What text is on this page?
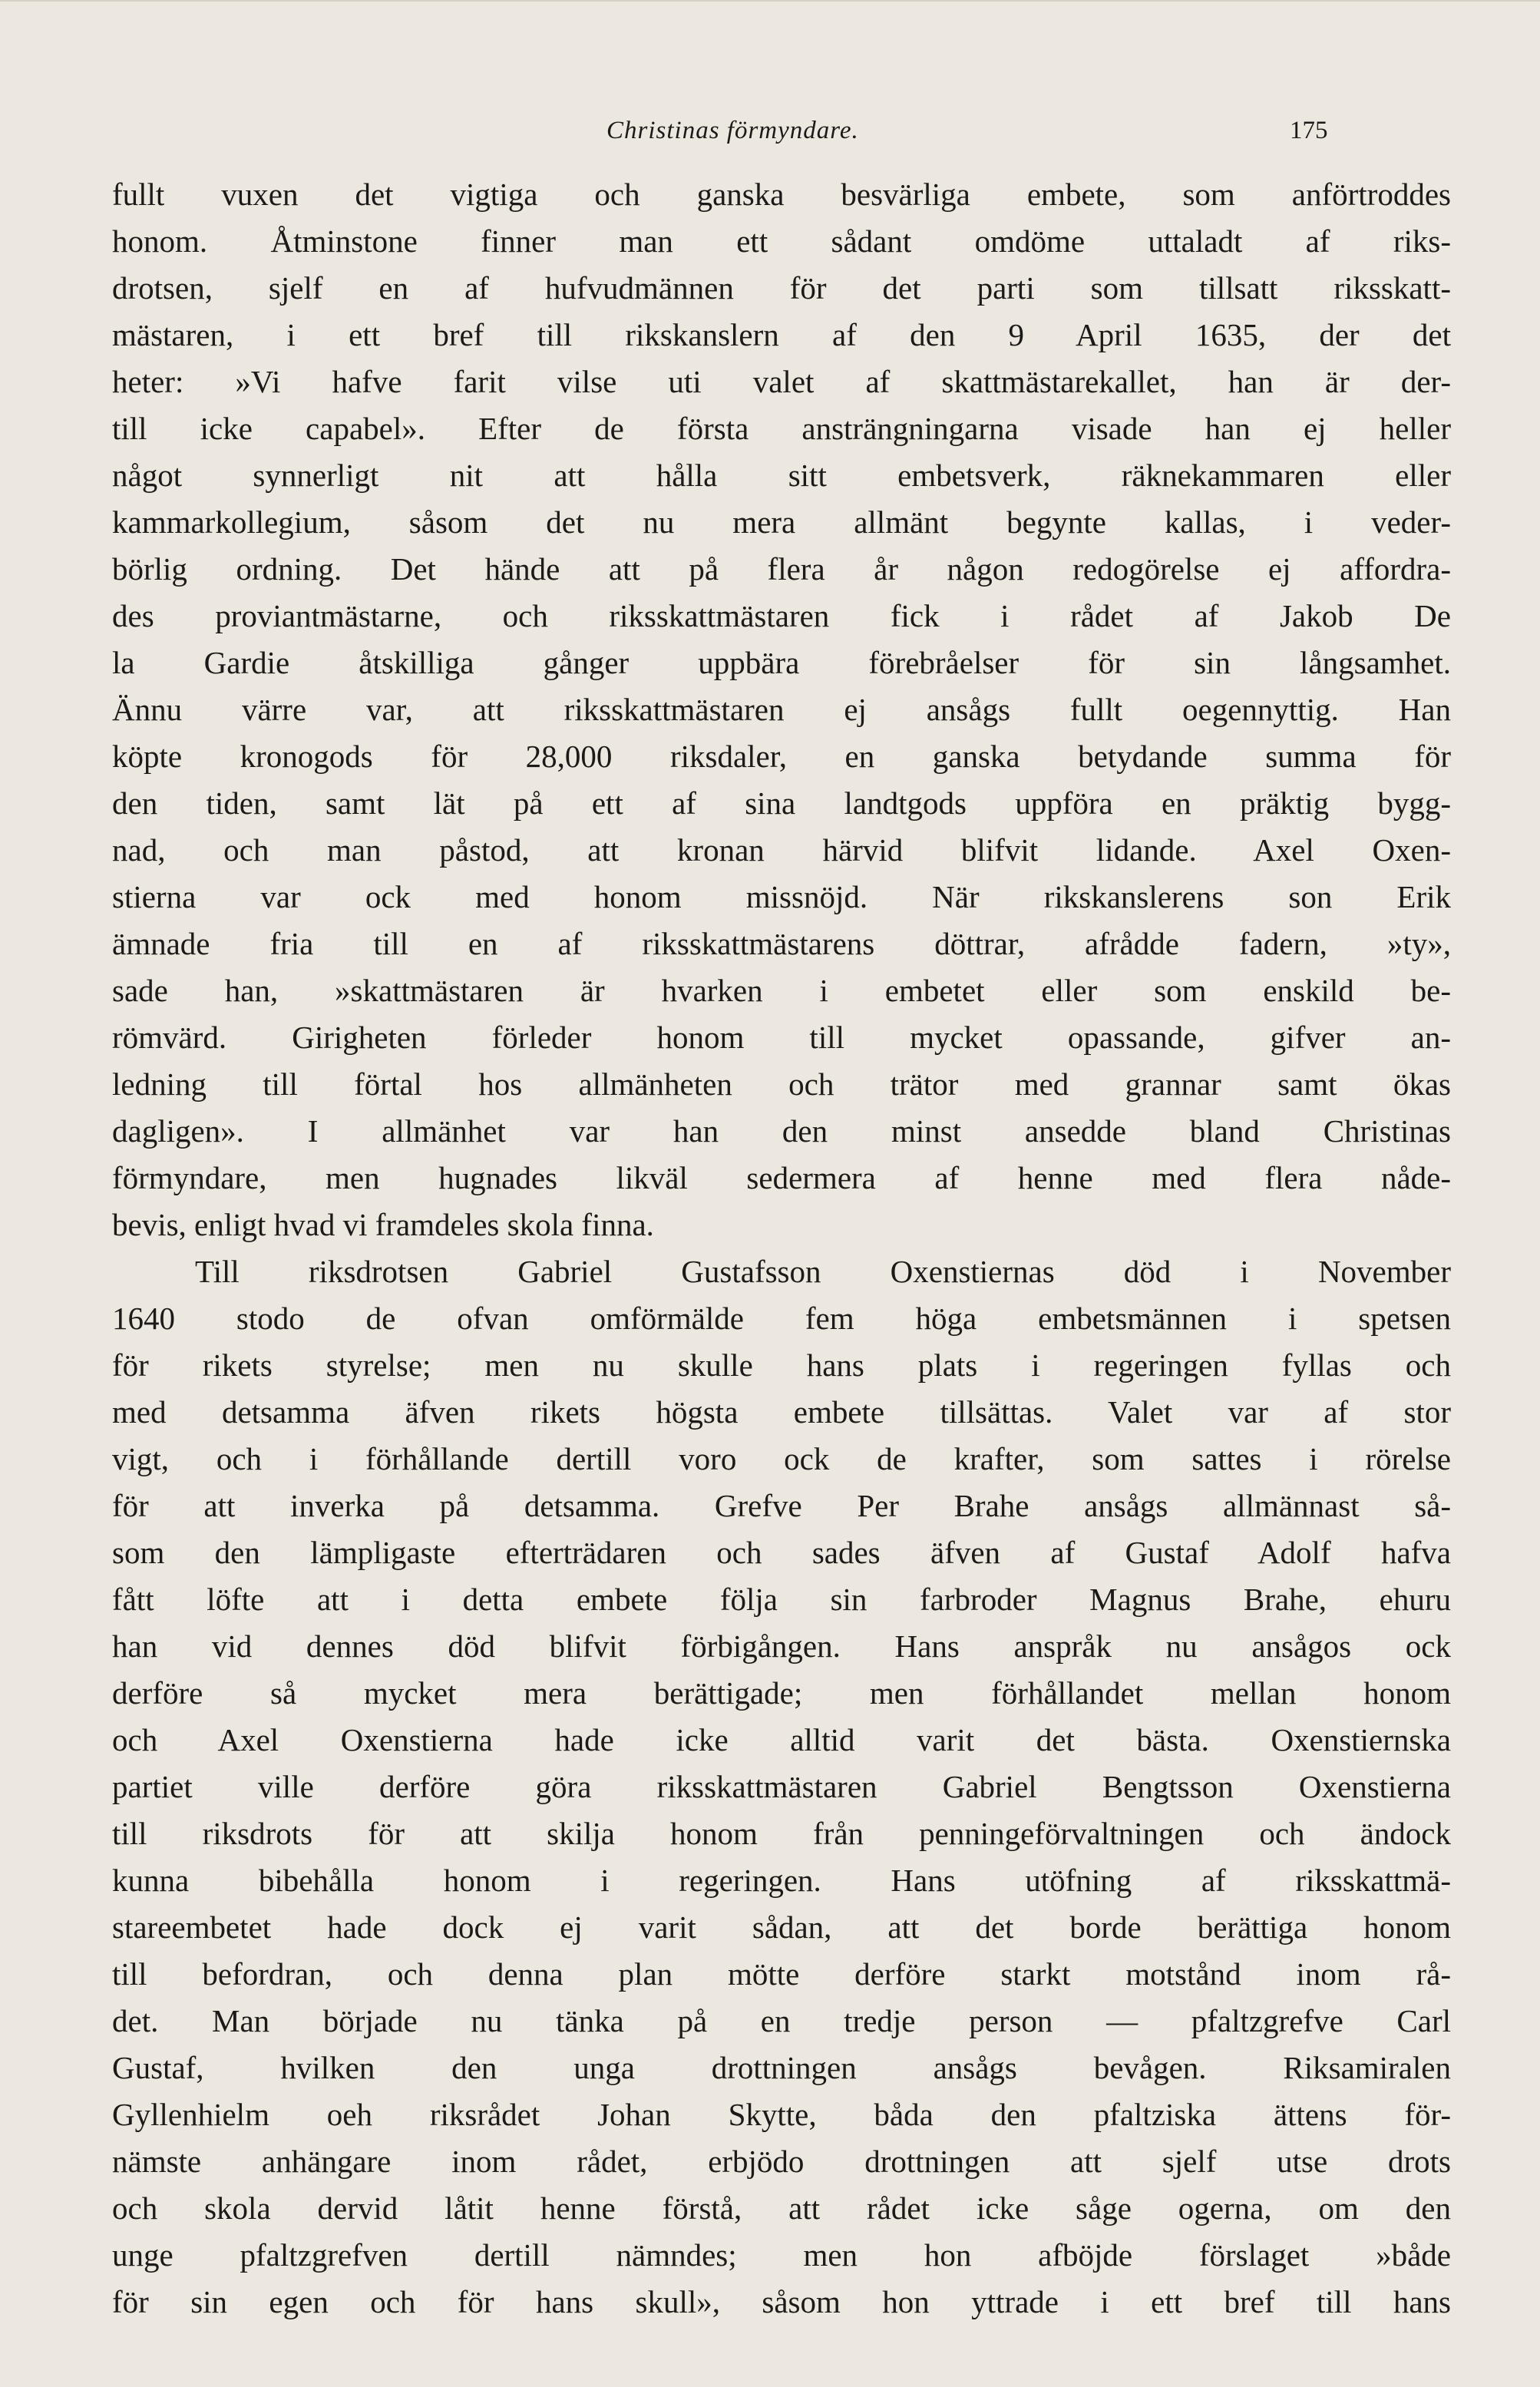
Christinas förmyndare.	175
fullt vuxen det vigtiga och ganska besvärliga embete, som anförtroddes
honom. Åtminstone finner man ett sådant omdöme uttaladt af riks-
drotsen, sjelf en af hufvudmännen för det parti som tillsatt riksskatt-
mästaren, i ett bref till rikskanslern af den 9 April 1635, der det
heter: »Vi hafve farit vilse uti valet af skattmästarekallet, han är der-
till icke capabel». Efter de första ansträngningarna visade han ej heller
något synnerligt nit att hålla sitt embetsverk, räknekammaren eller
kammarkollegium, såsom det nu mera allmänt begynte kallas, i veder-
börlig ordning. Det hände att på flera år någon redogörelse ej affordra-
des proviantmästarne, och riksskattmästaren fick i rådet af Jakob De
la Gardie åtskilliga gånger uppbära förebråelser för sin långsamhet.
Ännu värre var, att riksskattmästaren ej ansågs fullt oegennyttig. Han
köpte kronogods för 28,000 riksdaler, en ganska betydande summa för
den tiden, samt lät på ett af sina landtgods uppföra en präktig bygg-
nad, och man påstod, att kronan härvid blifvit lidande. Axel Oxen-
stierna var ock med honom missnöjd. När rikskanslerens son Erik
ämnade fria till en af riksskattmästarens döttrar, afrådde fadern, »ty»,
sade han, »skattmästaren är hvarken i embetet eller som enskild be-
römvärd. Girigheten förleder honom till mycket opassande, gifver an-
ledning till förtal hos allmänheten och trätor med grannar samt ökas
dagligen». I allmänhet var han den minst ansedde bland Christinas
förmyndare, men hugnades likväl sedermera af henne med flera nåde-
bevis, enligt hvad vi framdeles skola finna.
Till riksdrotsen Gabriel Gustafsson Oxenstiernas död i November
1640 stodo de ofvan omförmälde fem höga embetsmännen i spetsen
för rikets styrelse; men nu skulle hans plats i regeringen fyllas och
med detsamma äfven rikets högsta embete tillsättas. Valet var af stor
vigt, och i förhållande dertill voro ock de krafter, som sattes i rörelse
för att inverka på detsamma. Grefve Per Brahe ansågs allmännast så-
som den lämpligaste efterträdaren och sades äfven af Gustaf Adolf hafva
fått löfte att i detta embete följa sin farbroder Magnus Brahe, ehuru
han vid dennes död blifvit förbigången. Hans anspråk nu ansågos ock
derföre så mycket mera berättigade; men förhållandet mellan honom
och Axel Oxenstierna hade icke alltid varit det bästa. Oxenstiernska
partiet ville derföre göra riksskattmästaren Gabriel Bengtsson Oxenstierna
till riksdrots för att skilja honom från penningeförvaltningen och ändock
kunna bibehålla honom i regeringen. Hans utöfning af riksskattmä-
stareembetet hade dock ej varit sådan, att det borde berättiga honom
till befordran, och denna plan mötte derföre starkt motstånd inom rå-
det. Man började nu tänka på en tredje person — pfaltzgrefve Carl
Gustaf, hvilken den unga drottningen ansågs bevågen. Riksamiralen
Gyllenhielm oeh riksrådet Johan Skytte, båda den pfaltziska ättens för-
nämste anhängare inom rådet, erbjödo drottningen att sjelf utse drots
och skola dervid låtit henne förstå, att rådet icke såge ogerna, om den
unge pfaltzgrefven dertill nämndes; men hon afböjde förslaget »både
för sin egen och för hans skull», såsom hon yttrade i ett bref till hans
